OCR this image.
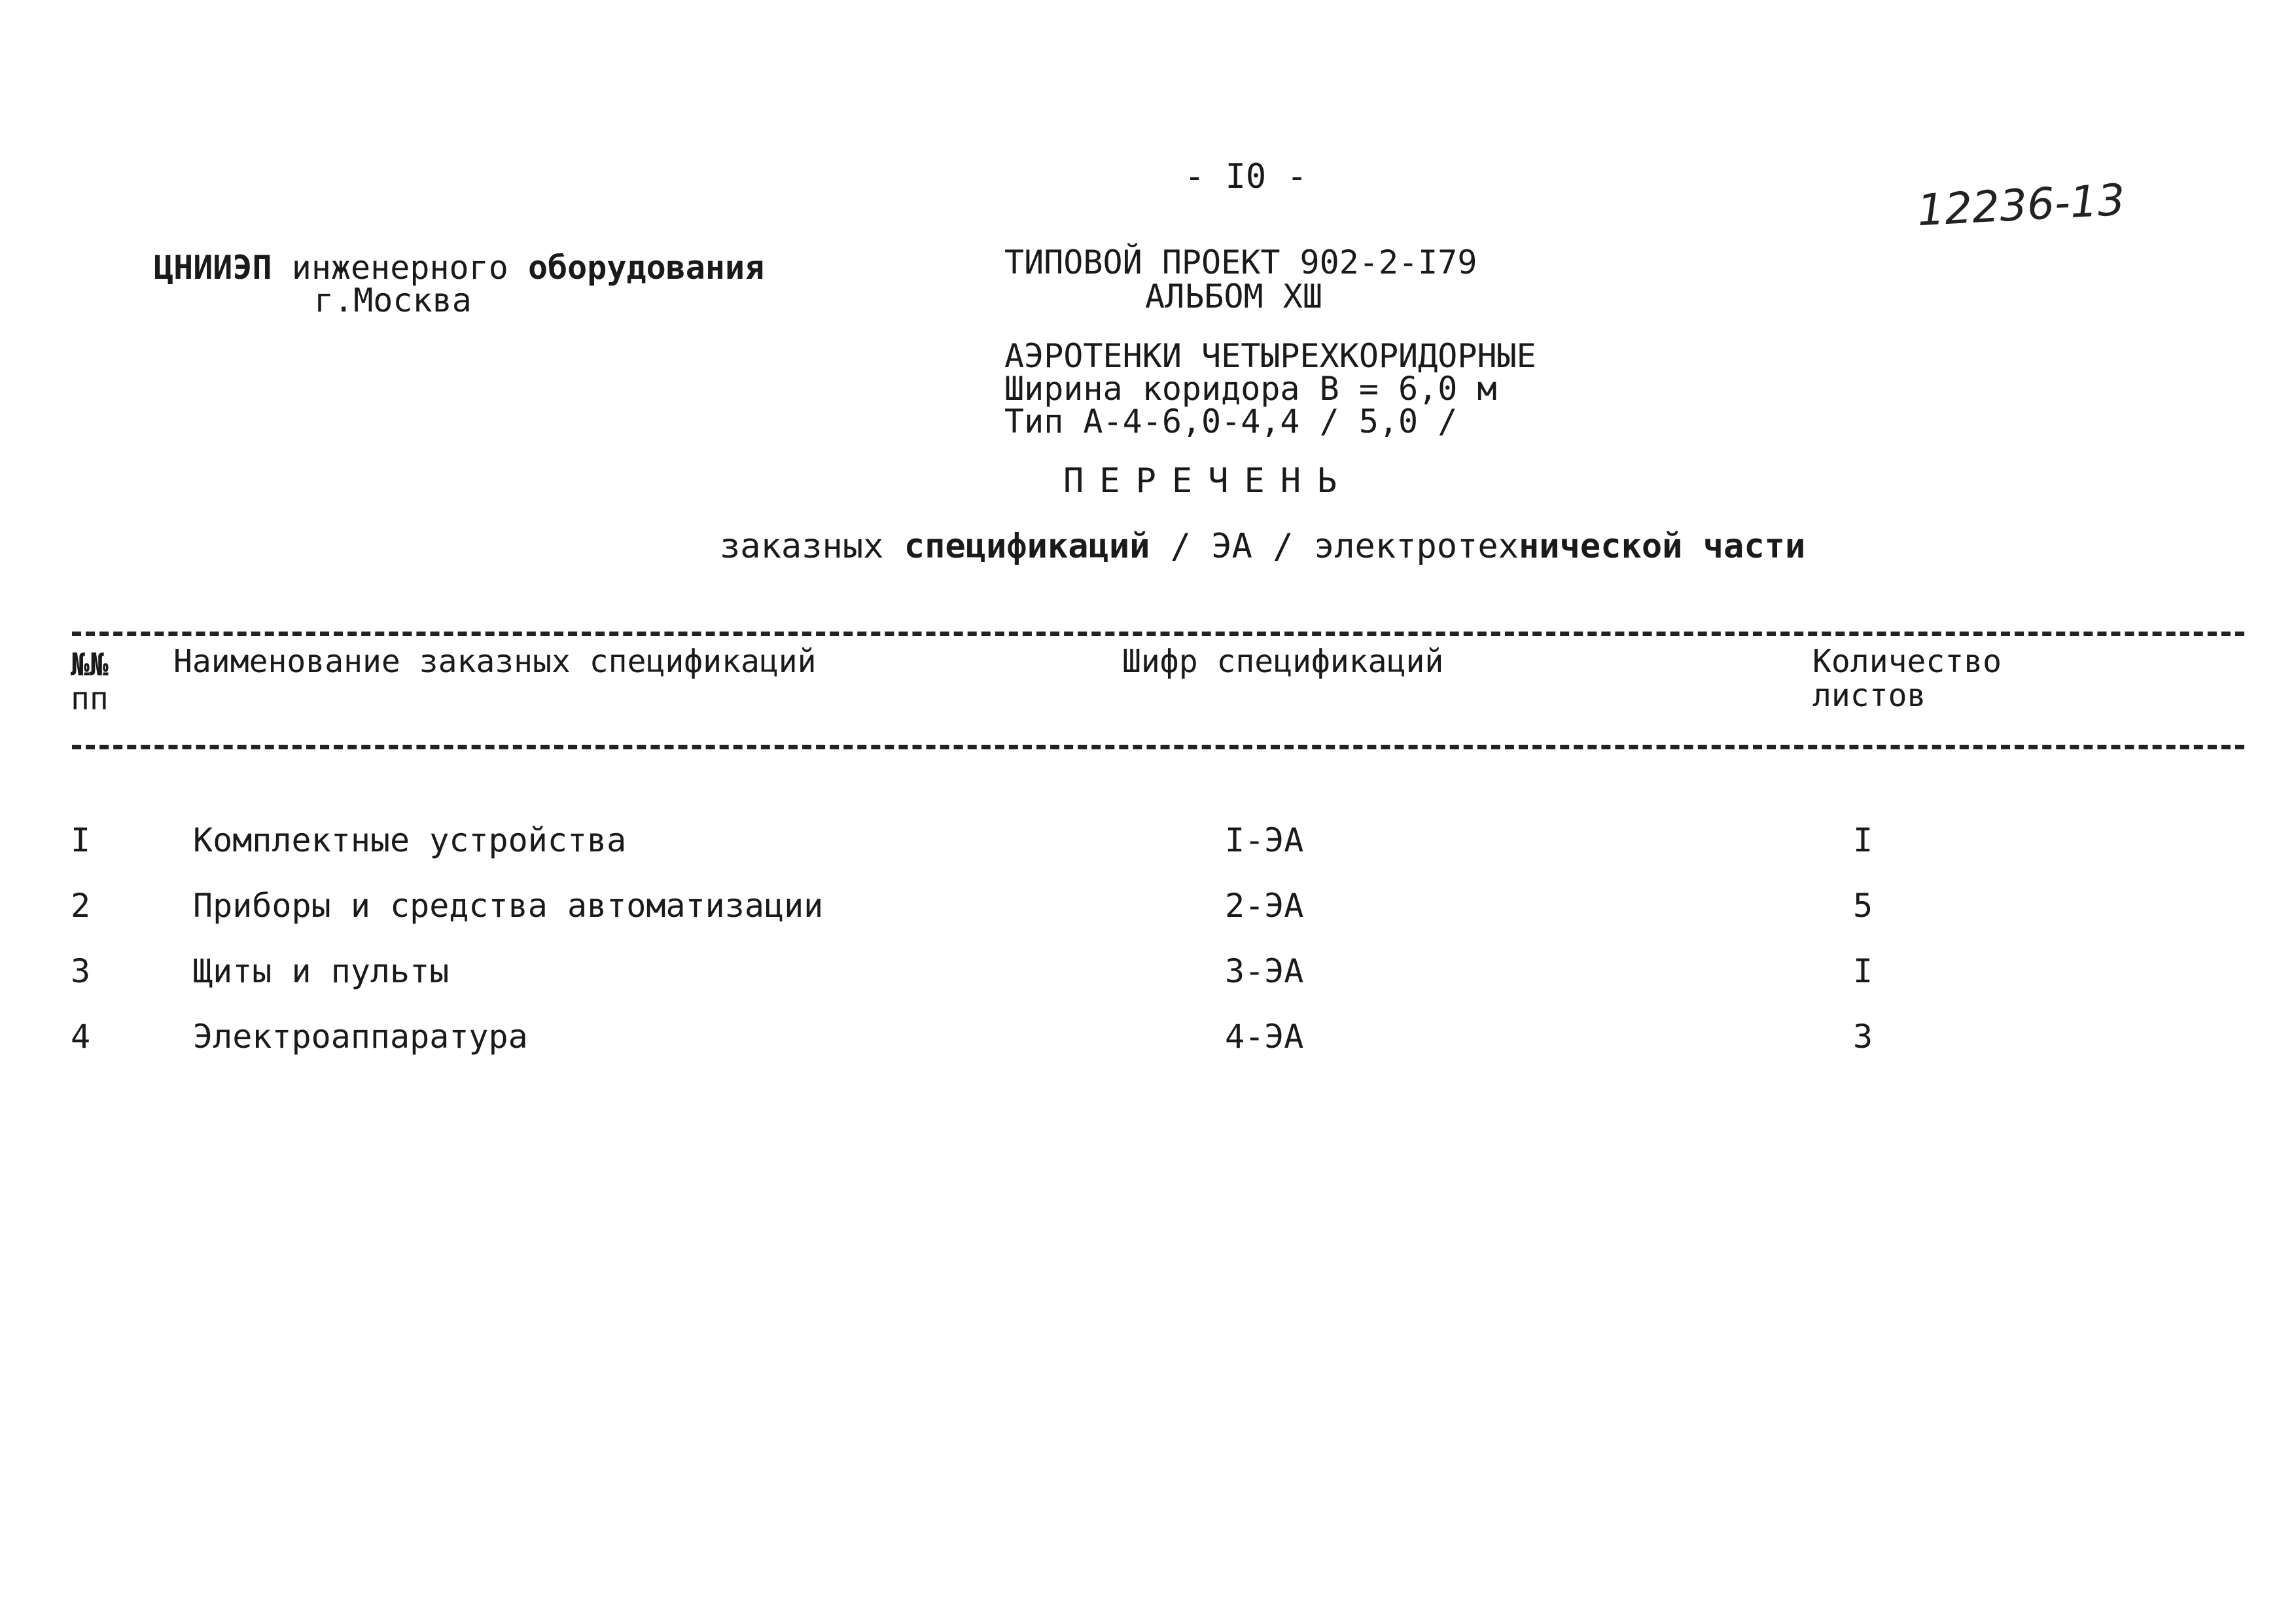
- I0 -	12236-13
ЦНИИЭП инженерного оборудования
г.Москва
ТИПОВОЙ ПРОЕКТ 902-2-I79
АЛЬБОМ ХШ
АЭРОТЕНКИ ЧЕТЫРЕХКОРИДОРНЫЕ
Ширина коридора В = 6,0 м
Тип А-4-6,0-4,4 / 5,0 /
ПЕРЕЧЕНЬ
заказных спецификаций / ЭА / электротехнической части
№№
пп
Наименование заказных спецификаций	Шифр спецификаций	Количество
листов
I	Комплектные устройства	I-ЭА	I
2	Приборы и средства автоматизации	2-ЭА	5
3	Щиты и пульты	3-ЭА	I
4	Электроаппаратура	4-ЭА	3
